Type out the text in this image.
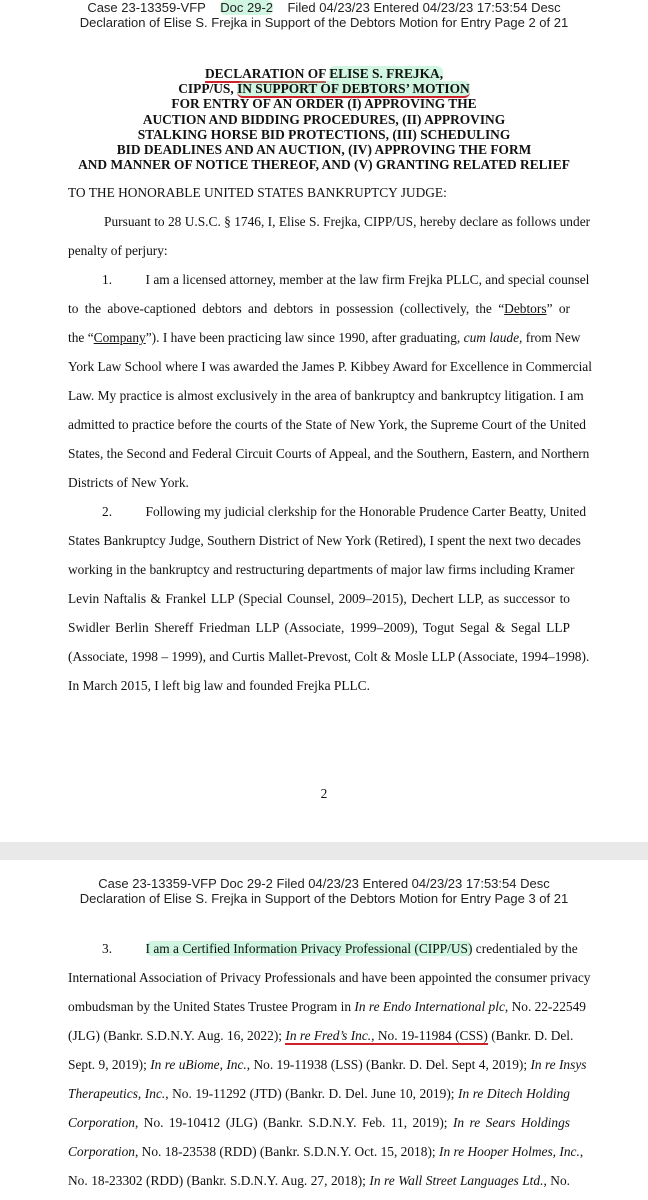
Case 23-13359-VFP Doc 29-2 Filed 04/23/23 Entered 04/23/23 17:53:54 Desc
Declaration of Elise S. Frejka in Support of the Debtors Motion for Entry Page 2 of 21
DECLARATION OF ELISE S. FREJKA,
CIPP/US, IN SUPPORT OF DEBTORS’ MOTION
FOR ENTRY OF AN ORDER (I) APPROVING THE
AUCTION AND BIDDING PROCEDURES, (II) APPROVING
STALKING HORSE BID PROTECTIONS, (III) SCHEDULING
BID DEADLINES AND AN AUCTION, (IV) APPROVING THE FORM
AND MANNER OF NOTICE THEREOF, AND (V) GRANTING RELATED RELIEF
TO THE HONORABLE UNITED STATES BANKRUPTCY JUDGE:
Pursuant to 28 U.S.C. § 1746, I, Elise S. Frejka, CIPP/US, hereby declare as follows under
penalty of perjury:
1. I am a licensed attorney, member at the law firm Frejka PLLC, and special counsel
to the above-captioned debtors and debtors in possession (collectively, the “Debtors” or
the “Company”). I have been practicing law since 1990, after graduating, cum laude, from New
York Law School where I was awarded the James P. Kibbey Award for Excellence in Commercial
Law. My practice is almost exclusively in the area of bankruptcy and bankruptcy litigation. I am
admitted to practice before the courts of the State of New York, the Supreme Court of the United
States, the Second and Federal Circuit Courts of Appeal, and the Southern, Eastern, and Northern
Districts of New York.
2. Following my judicial clerkship for the Honorable Prudence Carter Beatty, United
States Bankruptcy Judge, Southern District of New York (Retired), I spent the next two decades
working in the bankruptcy and restructuring departments of major law firms including Kramer
Levin Naftalis & Frankel LLP (Special Counsel, 2009–2015), Dechert LLP, as successor to
Swidler Berlin Shereff Friedman LLP (Associate, 1999–2009), Togut Segal & Segal LLP
(Associate, 1998 – 1999), and Curtis Mallet-Prevost, Colt & Mosle LLP (Associate, 1994–1998).
In March 2015, I left big law and founded Frejka PLLC.
2
Case 23-13359-VFP Doc 29-2 Filed 04/23/23 Entered 04/23/23 17:53:54 Desc
Declaration of Elise S. Frejka in Support of the Debtors Motion for Entry Page 3 of 21
3. I am a Certified Information Privacy Professional (CIPP/US) credentialed by the
International Association of Privacy Professionals and have been appointed the consumer privacy
ombudsman by the United States Trustee Program in In re Endo International plc, No. 22-22549
(JLG) (Bankr. S.D.N.Y. Aug. 16, 2022); In re Fred’s Inc., No. 19-11984 (CSS) (Bankr. D. Del.
Sept. 9, 2019); In re uBiome, Inc., No. 19-11938 (LSS) (Bankr. D. Del. Sept 4, 2019); In re Insys
Therapeutics, Inc., No. 19-11292 (JTD) (Bankr. D. Del. June 10, 2019); In re Ditech Holding
Corporation, No. 19-10412 (JLG) (Bankr. S.D.N.Y. Feb. 11, 2019); In re Sears Holdings
Corporation, No. 18-23538 (RDD) (Bankr. S.D.N.Y. Oct. 15, 2018); In re Hooper Holmes, Inc.,
No. 18-23302 (RDD) (Bankr. S.D.N.Y. Aug. 27, 2018); In re Wall Street Languages Ltd., No.
